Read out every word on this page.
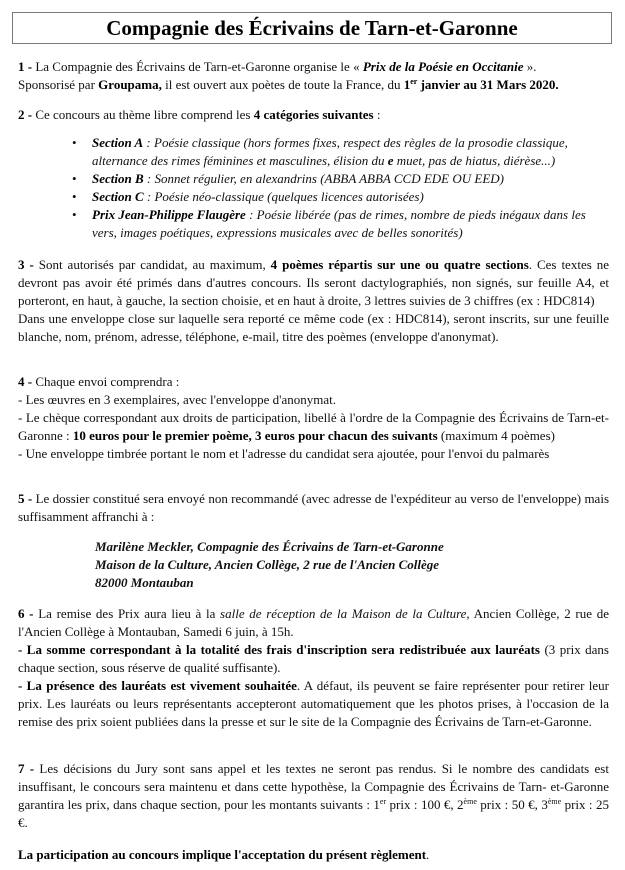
Compagnie des Écrivains de Tarn-et-Garonne

1 - La Compagnie des Écrivains de Tarn-et-Garonne organise le « Prix de la Poésie en Occitanie ».
Sponsorisé par Groupama, il est ouvert aux poètes de toute la France, du 1er janvier au 31 Mars 2020.

2 - Ce concours au thème libre comprend les 4 catégories suivantes :

• Section A : Poésie classique (hors formes fixes, respect des règles de la prosodie classique, alternance des rimes féminines et masculines, élision du e muet, pas de hiatus, diérèse...)
• Section B : Sonnet régulier, en alexandrins (ABBA ABBA CCD EDE OU EED)
• Section C : Poésie néo-classique (quelques licences autorisées)
• Prix Jean-Philippe Flaugère : Poésie libérée (pas de rimes, nombre de pieds inégaux dans les vers, images poétiques, expressions musicales avec de belles sonorités)

3 - Sont autorisés par candidat, au maximum, 4 poèmes répartis sur une ou quatre sections. Ces textes ne devront pas avoir été primés dans d'autres concours. Ils seront dactylographiés, non signés, sur feuille A4, et porteront, en haut, à gauche, la section choisie, et en haut à droite, 3 lettres suivies de 3 chiffres (ex : HDC814)

Dans une enveloppe close sur laquelle sera reporté ce même code (ex : HDC814), seront inscrits, sur une feuille blanche, nom, prénom, adresse, téléphone, e-mail, titre des poèmes (enveloppe d'anonymat).

4 - Chaque envoi comprendra :

- Les œuvres en 3 exemplaires, avec l'enveloppe d'anonymat.

- Le chèque correspondant aux droits de participation, libellé à l'ordre de la Compagnie des Écrivains de Tarn-et- Garonne : 10 euros pour le premier poème, 3 euros pour chacun des suivants (maximum 4 poèmes)

- Une enveloppe timbrée portant le nom et l'adresse du candidat sera ajoutée, pour l'envoi du palmarès

5 - Le dossier constitué sera envoyé non recommandé (avec adresse de l'expéditeur au verso de l'enveloppe) mais suffisamment affranchi à :

Marilène Meckler, Compagnie des Écrivains de Tarn-et-Garonne
Maison de la Culture, Ancien Collège, 2 rue de l'Ancien Collège
82000 Montauban

6 - La remise des Prix aura lieu à la salle de réception de la Maison de la Culture, Ancien Collège, 2 rue de l'Ancien Collège à Montauban, Samedi 6 juin, à 15h.

- La somme correspondant à la totalité des frais d'inscription sera redistribuée aux lauréats (3 prix dans chaque section, sous réserve de qualité suffisante).

- La présence des lauréats est vivement souhaitée. A défaut, ils peuvent se faire représenter pour retirer leur prix. Les lauréats ou leurs représentants accepteront automatiquement que les photos prises, à l'occasion de la remise des prix soient publiées dans la presse et sur le site de la Compagnie des Écrivains de Tarn-et-Garonne.

7 - Les décisions du Jury sont sans appel et les textes ne seront pas rendus. Si le nombre des candidats est insuffisant, le concours sera maintenu et dans cette hypothèse, la Compagnie des Écrivains de Tarn- et-Garonne garantira les prix, dans chaque section, pour les montants suivants : 1er prix : 100 €, 2ème prix : 50 €, 3ème prix : 25 €.

La participation au concours implique l'acceptation du présent règlement.
